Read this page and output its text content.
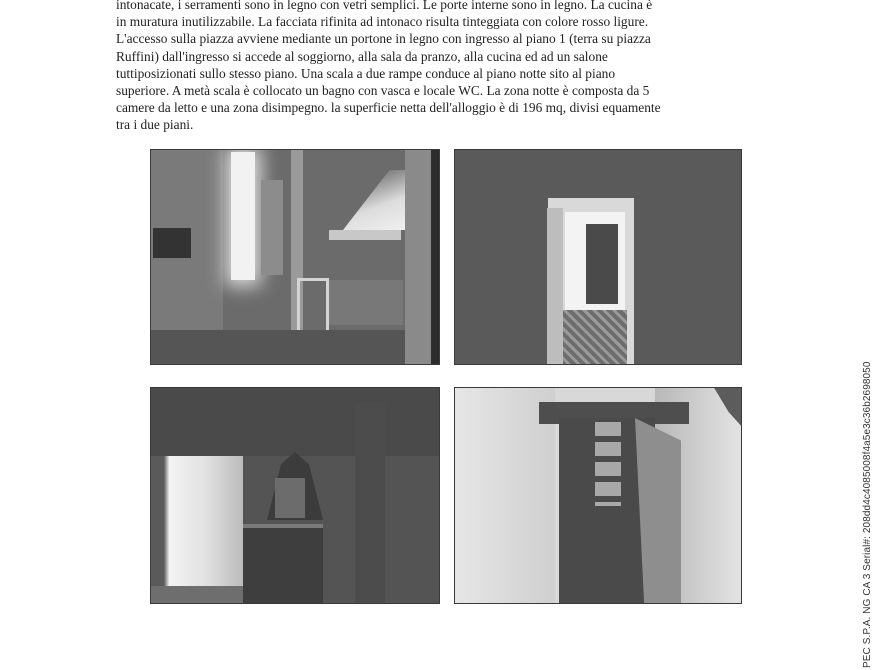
intonacate, i serramenti sono in legno con vetri semplici. Le porte interne sono in legno. La cucina è

in muratura inutilizzabile. La facciata rifinita ad intonaco risulta tinteggiata con colore rosso ligure.

L'accesso sulla piazza avviene mediante un portone in legno con ingresso al piano 1 (terra su piazza

Ruffini) dall'ingresso si accede al soggiorno, alla sala da pranzo, alla cucina ed ad un salone

tuttiposizionati sullo stesso piano. Una scala a due rampe conduce al piano notte sito al piano

superiore. A metà scala è collocato un bagno con vasca e locale WC. La zona notte è composta da 5

camere da letto e una zona disimpegno. la superficie netta dell'alloggio è di 196 mq, divisi equamente

tra i due piani.

PEC S.P.A. NG CA 3 Serial#: 208dd4c4085008f4a5e3c36b2698050
